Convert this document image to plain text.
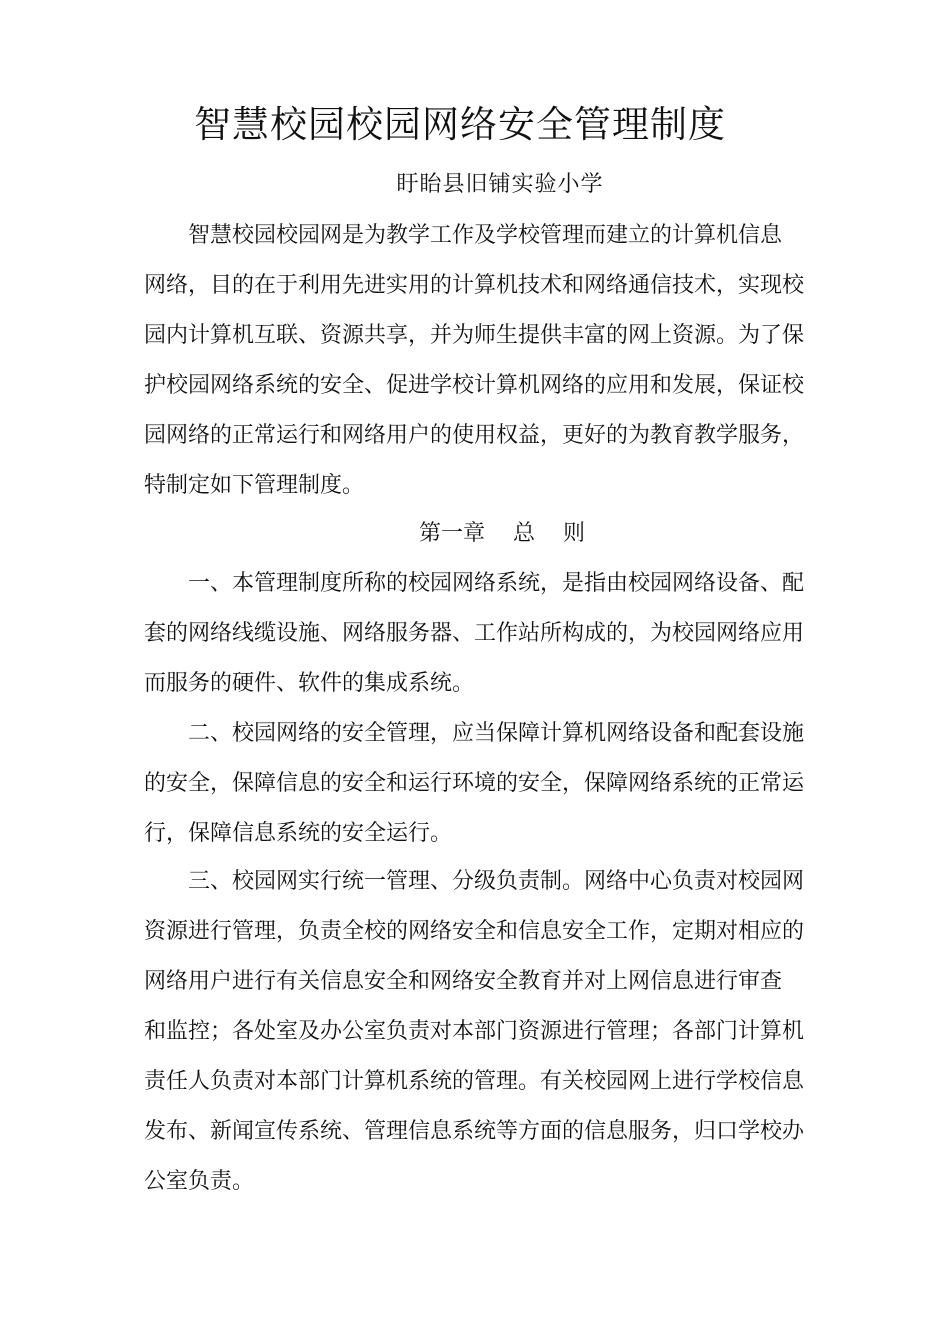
智慧校园校园网络安全管理制度
盱眙县旧铺实验小学
智慧校园校园网是为教学工作及学校管理而建立的计算机信息
网络，目的在于利用先进实用的计算机技术和网络通信技术，实现校
园内计算机互联、资源共享，并为师生提供丰富的网上资源。为了保
护校园网络系统的安全、促进学校计算机网络的应用和发展，保证校
园网络的正常运行和网络用户的使用权益，更好的为教育教学服务，
特制定如下管理制度。
第一章    总    则
一、本管理制度所称的校园网络系统，是指由校园网络设备、配
套的网络线缆设施、网络服务器、工作站所构成的，为校园网络应用
而服务的硬件、软件的集成系统。
二、校园网络的安全管理，应当保障计算机网络设备和配套设施
的安全，保障信息的安全和运行环境的安全，保障网络系统的正常运
行，保障信息系统的安全运行。
三、校园网实行统一管理、分级负责制。网络中心负责对校园网
资源进行管理，负责全校的网络安全和信息安全工作，定期对相应的
网络用户进行有关信息安全和网络安全教育并对上网信息进行审查
和监控；各处室及办公室负责对本部门资源进行管理；各部门计算机
责任人负责对本部门计算机系统的管理。有关校园网上进行学校信息
发布、新闻宣传系统、管理信息系统等方面的信息服务，归口学校办
公室负责。
